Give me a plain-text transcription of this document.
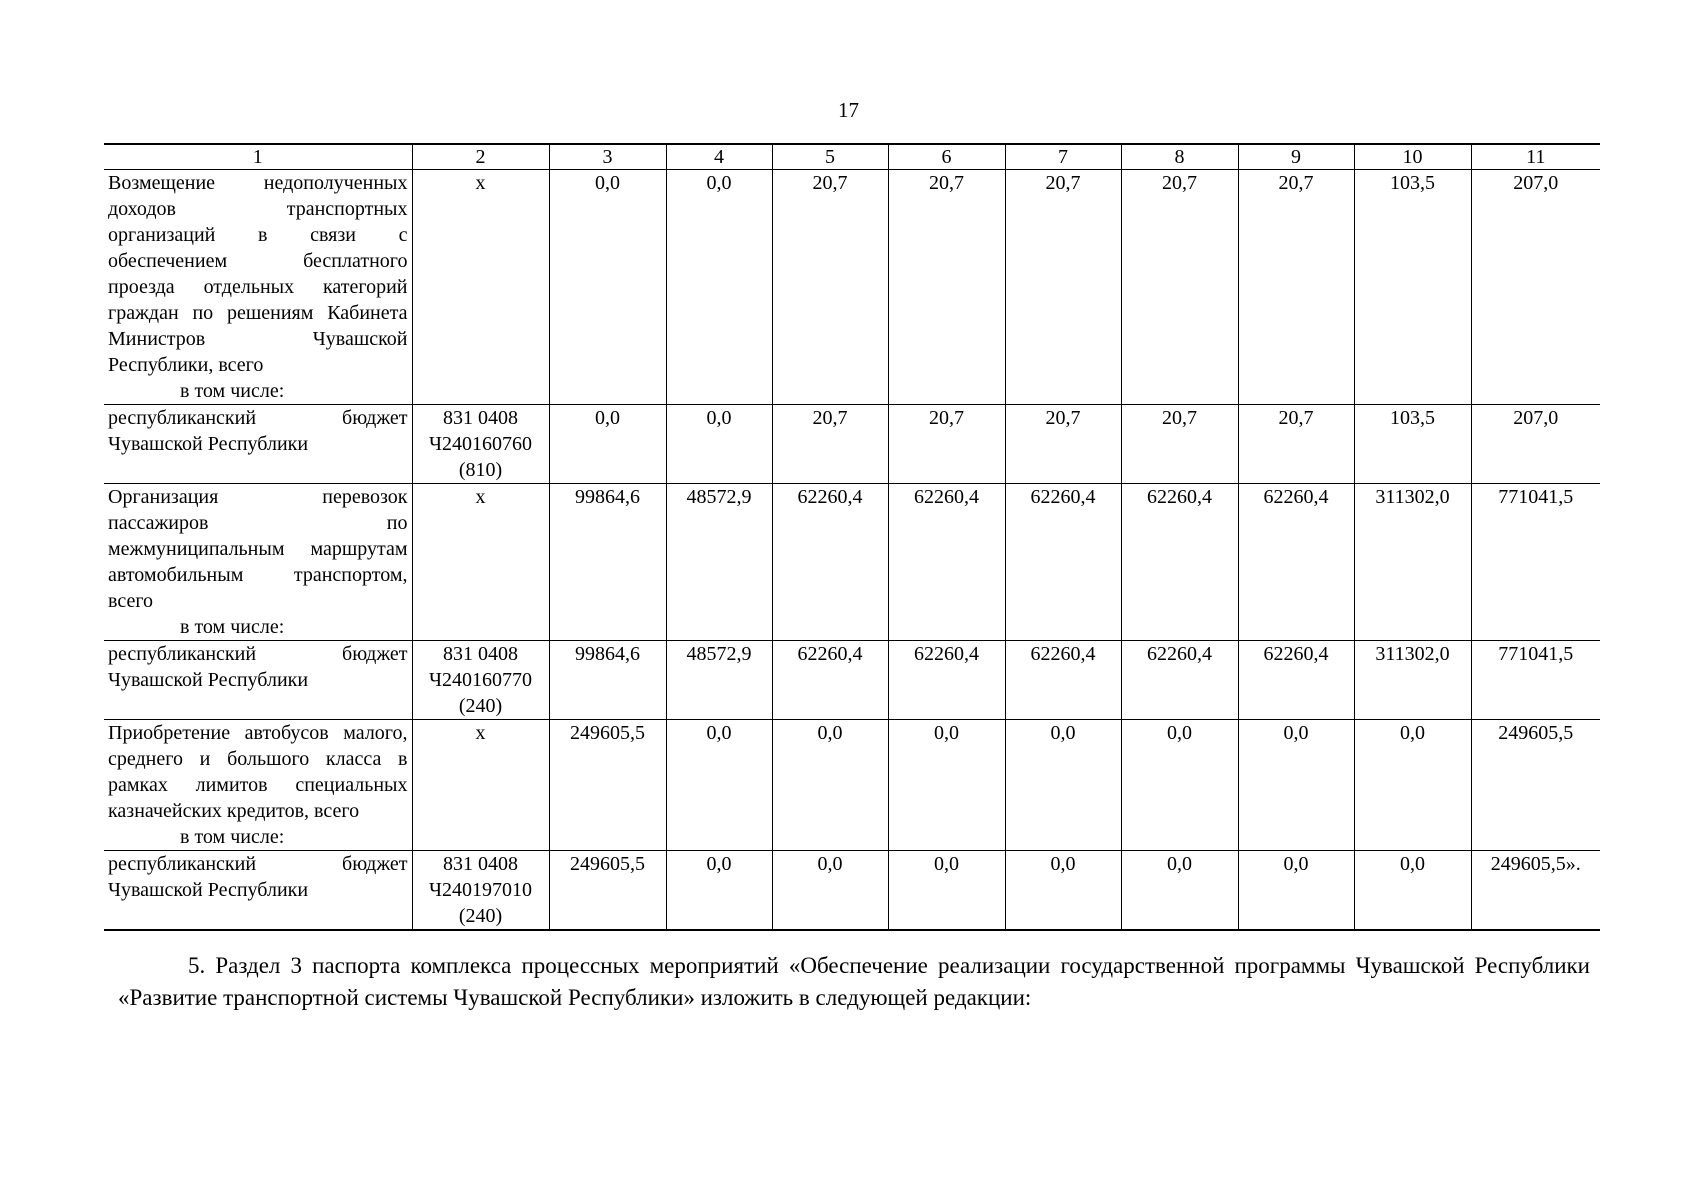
17
1	2	3	4	5	6	7	8	9	10	11
Возмещение недополученных доходов транспортных организаций в связи с обеспечением бесплатного проезда отдельных категорий граждан по решениям Кабинета Министров Чувашской Республики, всего
в том числе:	х	0,0	0,0	20,7	20,7	20,7	20,7	20,7	103,5	207,0
республиканский бюджет Чувашской Республики	831 0408
Ч240160760
(810)	0,0	0,0	20,7	20,7	20,7	20,7	20,7	103,5	207,0
Организация перевозок пассажиров по межмуниципальным маршрутам автомобильным транспортом, всего
в том числе:	х	99864,6	48572,9	62260,4	62260,4	62260,4	62260,4	62260,4	311302,0	771041,5
республиканский бюджет Чувашской Республики	831 0408
Ч240160770
(240)	99864,6	48572,9	62260,4	62260,4	62260,4	62260,4	62260,4	311302,0	771041,5
Приобретение автобусов малого, среднего и большого класса в рамках лимитов специальных казначейских кредитов, всего
в том числе:	х	249605,5	0,0	0,0	0,0	0,0	0,0	0,0	0,0	249605,5
республиканский бюджет Чувашской Республики	831 0408
Ч240197010
(240)	249605,5	0,0	0,0	0,0	0,0	0,0	0,0	0,0	249605,5».
5. Раздел 3 паспорта комплекса процессных мероприятий «Обеспечение реализации государственной программы Чувашской Республики «Развитие транспортной системы Чувашской Республики» изложить в следующей редакции:
